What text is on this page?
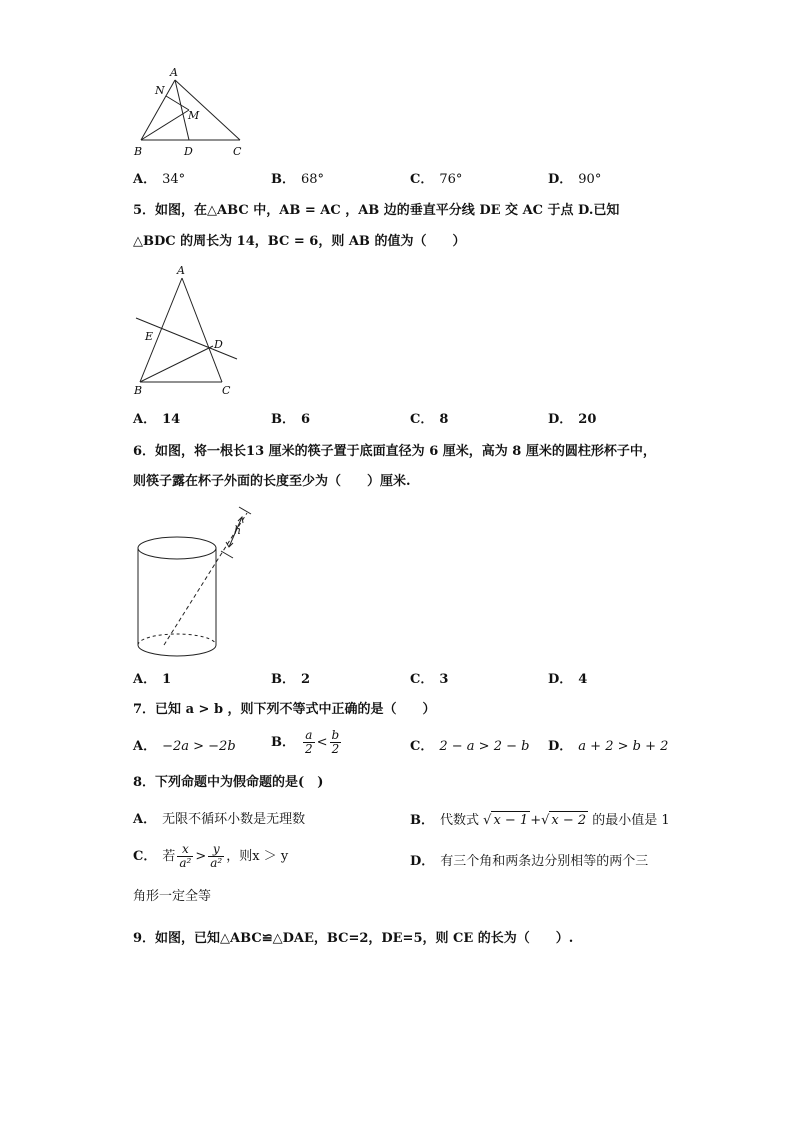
A
N
M
B	D	C
A． 34°	B． 68°	C． 76°	D． 90°
5．如图，在△ABC 中，AB = AC ，AB 边的垂直平分线 DE 交 AC 于点 D.已知
△BDC 的周长为 14，BC = 6，则 AB 的值为（　　）
A
E
D
B	C
A． 14	B． 6	C． 8	D． 20
6．如图，将一根长13 厘米的筷子置于底面直径为 6 厘米，高为 8 厘米的圆柱形杯子中，
则筷子露在杯子外面的长度至少为（　　）厘米.
h
A． 1	B． 2	C． 3	D． 4
7．已知 a > b ，则下列不等式中正确的是（　　）
A． −2a > −2b	B． $\frac{a}{2} < \frac{b}{2}$	C． 2 − a > 2 − b D． a + 2 > b + 2
8．下列命题中为假命题的是(　)
A． 无限不循环小数是无理数	B． 代数式 √ x − 1 +√ x − 2 的最小值是 1
C． 若 $\frac{x}{\text{a²}} > \frac{y}{\text{a²}}$ ，则x ＞ y	D． 有三个角和两条边分别相等的两个三
角形一定全等
9．如图，已知△ABC≌△DAE，BC=2，DE=5，则 CE 的长为（　　）.
